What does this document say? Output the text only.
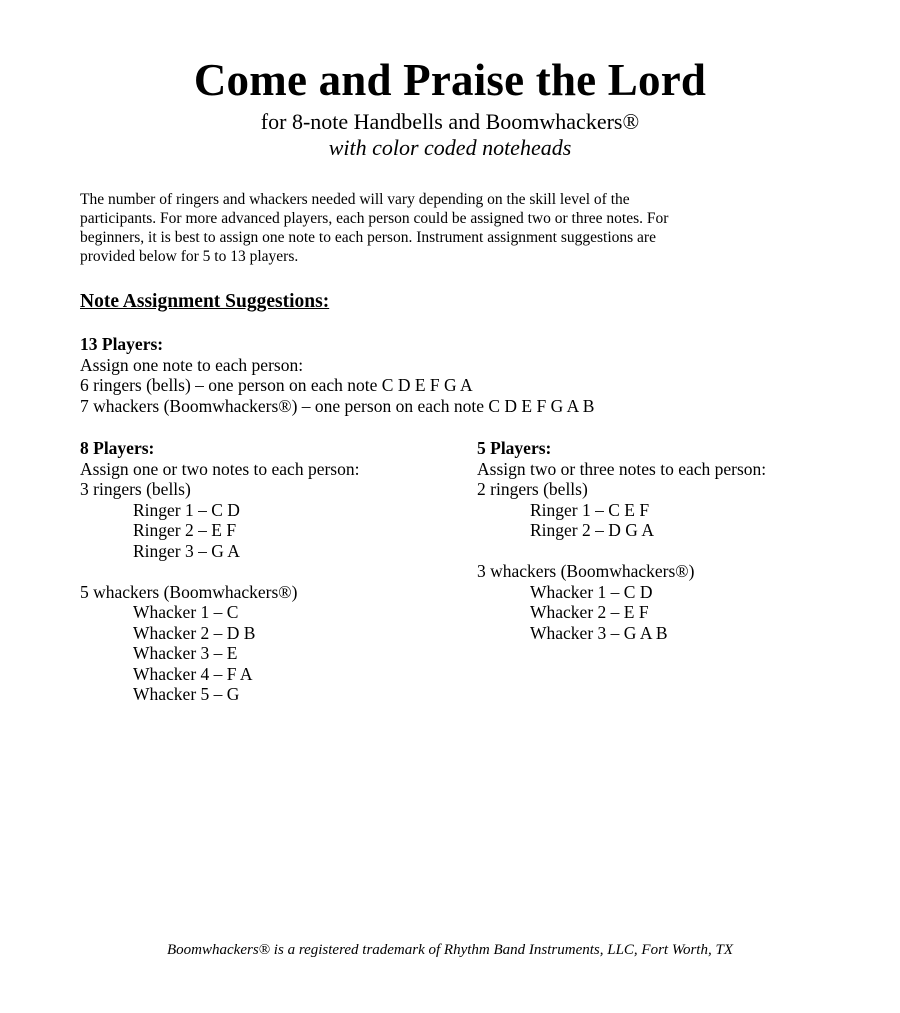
Come and Praise the Lord
for 8-note Handbells and Boomwhackers®
with color coded noteheads

The number of ringers and whackers needed will vary depending on the skill level of the

participants. For more advanced players, each person could be assigned two or three notes. For

beginners, it is best to assign one note to each person. Instrument assignment suggestions are

provided below for 5 to 13 players.

Note Assignment Suggestions:
13 Players:
Assign one note to each person:
6 ringers (bells) – one person on each note C D E F G A
7 whackers (Boomwhackers®) – one person on each note C D E F G A B
8 Players:
Assign one or two notes to each person:
3 ringers (bells)
Ringer 1 – C D
Ringer 2 – E F
Ringer 3 – G A
5 whackers (Boomwhackers®)
Whacker 1 – C
Whacker 2 – D B
Whacker 3 – E
Whacker 4 – F A
Whacker 5 – G
5 Players:
Assign two or three notes to each person:
2 ringers (bells)
Ringer 1 – C E F
Ringer 2 – D G A
3 whackers (Boomwhackers®)
Whacker 1 – C D
Whacker 2 – E F
Whacker 3 – G A B
Boomwhackers® is a registered trademark of Rhythm Band Instruments, LLC, Fort Worth, TX
